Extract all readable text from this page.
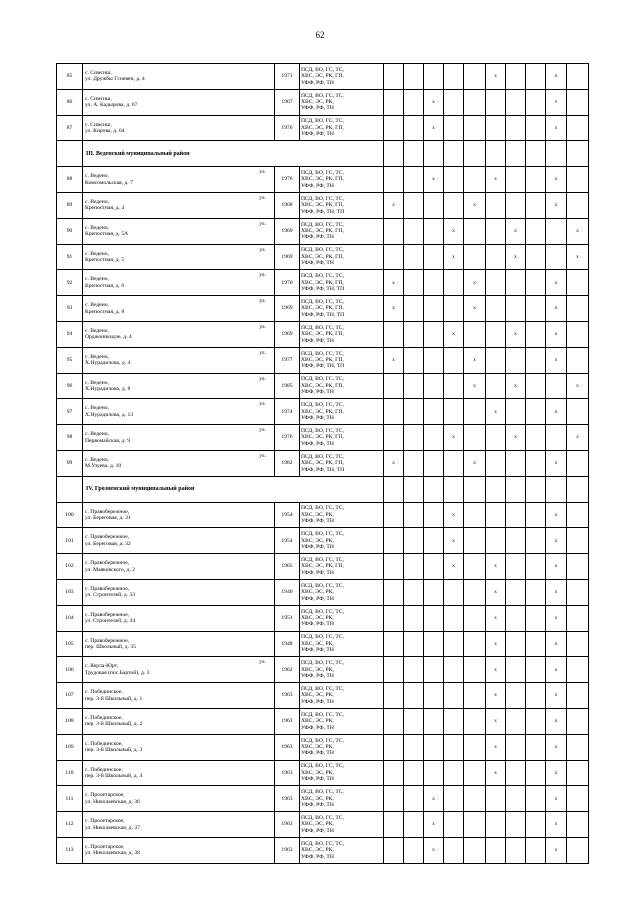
62
85	с. Симсиш,
ул. Дружбы Гсневен, д. 4	1971	ПСД, ВО, ГС, ТС,
ХВС, ЭС, РК, ГП,
УФФ, РФ, ТН						x			x	
86	с. Симсиш,
ул. А. Кадырова, д. 67	1967	ПСД, ВО, ГС, ТС,
ХВС, ЭС, РК,
УФФ, РФ, ТН			x						v	
87	с. Симсиш,
ул. Кирова, д. 64	1976	ПСД, ВО, ГС, ТС,
ХВС, ЭС, РК, ГП,
УФФ, РФ, ТН			x						x	
	III. Веденский муниципальный район												
88	с. Ведено,
ул.
Комсомольская, д. 7	1976	ПСД, ВО, ГС, ТС,
ХВС, ЭС, РК, ГП,
УФФ, РФ, ТН			x			x			x	
89	с. Ведено,
ул.
Крепостная, д. 4	1968	ПСД, ВО, ГС, ТС,
ХВС, ЭС, РК, ГП,
УФФ, РФ, ТН, ТП	x				x				x	
90	с. Ведено,
ул.
Крепостная, д. 5А	1969	ПСД, ВО, ГС, ТС,
ХВС, ЭС, РК, ГП,
УФФ, РФ, ТН				x			x			x
91	с. Ведено,
ул.
Крепостная, д. 5	1969	ПСД, ВО, ГС, ТС,
ХВС, ЭС, РК, ГП,
УФФ, РФ, ТН				x			x			x
92	с. Ведено,
ул.
Крепостная, д. 6	1970	ПСД, ВО, ГС, ТС,
ХВС, ЭС, РК, ГП,
УФФ, РФ, ТН, ТП	x				x				x	
93	с. Ведено,
ул.
Крепостная, д. 8	1969	ПСД, ВО, ГС, ТС,
ХВС, ЭС, РК, ГП,
УФФ, РФ, ТН, ТП	x				x				x	
94	с. Ведено,
ул.
Орджоникидзе, д. 4	1969	ПСД, ВО, ГС, ТС,
ХВС, ЭС, РК, ГП,
УФФ, РФ, ТН				x			x		x	
95	с. Ведено,
ул.
Х.Нурадилова, д. 4	1977	ПСД, ВО, ГС, ТС,
ХВС, ЭС, РК, ГП,
УФФ, РФ, ТН, ТП	x				x				x	
96	с. Ведено,
ул.
Х.Нурадилова, д. 8	1985	ПСД, ВО, ГС, ТС,
ХВС, ЭС, РК, ГП,
УФФ, РФ, ТН					x		x			x
97	с. Ведено,
ул.
Х.Нурадилова, д. 13	1974	ПСД, ВО, ГС, ТС,
ХВС, ЭС, РК, ГП,
УФФ, РФ, ТН						x			x	
98	с. Ведено,
ул.
Первомайская, д. 9	1976	ПСД, ВО, ГС, ТС,
ХВС, ЭС, РК, ГП,
УФФ, РФ, ТН				x			x			x
99	с. Ведено,
ул.
М.Узуева, д. 10	1982	ПСД, ВО, ГС, ТС,
ХВС, ЭС, РК, ГП,
УФФ, РФ, ТН, ТП	x				x				x	
	IV. Грозненский муниципальный район												
100	с. Правобережное,
ул. Береговая, д. 31	1954	ПСД, ВО, ГС, ТС,
ХВС, ЭС, РК,
УФФ, РФ, ТН				x					x	
101	с. Правобережное,
ул. Береговая, д. 32	1954	ПСД, ВО, ГС, ТС,
ХВС, ЭС, РК,
УФФ, РФ, ТН				x					x	
102	с. Правобережное,
ул. Маяковского, д. 2	1965	ПСД, ВО, ГС, ТС,
ХВС, ЭС, РК, ГП,
УФФ, РФ, ТН				x		x			x	
103	с. Правобережное,
ул. Строителей, д. 33	1940	ПСД, ВО, ГС, ТС,
ХВС, ЭС, РК,
УФФ, РФ, ТН						x			x	
104	с. Правобережное,
ул. Строителей, д. 34	1951	ПСД, ВО, ГС, ТС,
ХВС, ЭС, РК,
УФФ, РФ, ТН						x			x	
105	с. Правобережное,
пер. Школьный, д. 35	1948	ПСД, ВО, ГС, ТС,
ХВС, ЭС, РК,
УФФ, РФ, ТН						x			x	
106	с. Керла-Юрт,
ул.
Трудовая (пос.Бартой), д. 3	1962	ПСД, ВО, ГС, ТС,
ХВС, ЭС, РК,
УФФ, РФ, ТН						x			x	
107	с. Побединское,
пер. 3-й Школьный, д. 1	1963	ПСД, ВО, ГС, ТС,
ХВС, ЭС, РК,
УФФ, РФ, ТН						x			x	
108	с. Побединское,
пер. 3-й Школьный, д. 2	1963	ПСД, ВО, ГС, ТС,
ХВС, ЭС, РК,
УФФ, РФ, ТН						x			x	
109	с. Побединское,
пер. 3-й Школьный, д. 3	1963	ПСД, ВО, ГС, ТС,
ХВС, ЭС, РК,
УФФ, РФ, ТН						x			x	
110	с. Побединское,
пер. 3-й Школьный, д. 4	1963	ПСД, ВО, ГС, ТС,
ХВС, ЭС, РК,
УФФ, РФ, ТН						x			x	
111	с. Пролетарское,
ул. Николаевская, д. 36	1963	ПСД, ВО, ГС, ТС,
ХВС, ЭС, РК,
УФФ, РФ, ТН			x						x	
112	с. Пролетарское,
ул. Николаевская, д. 37	1963	ПСД, ВО, ГС, ТС,
ХВС, ЭС, РК,
УФФ, РФ, ТН			x						x	
113	с. Пролетарское,
ул. Николаевская, д. 38	1963	ПСД, ВО, ГС, ТС,
ХВС, ЭС, РК,
УФФ, РФ, ТН			x						x	
